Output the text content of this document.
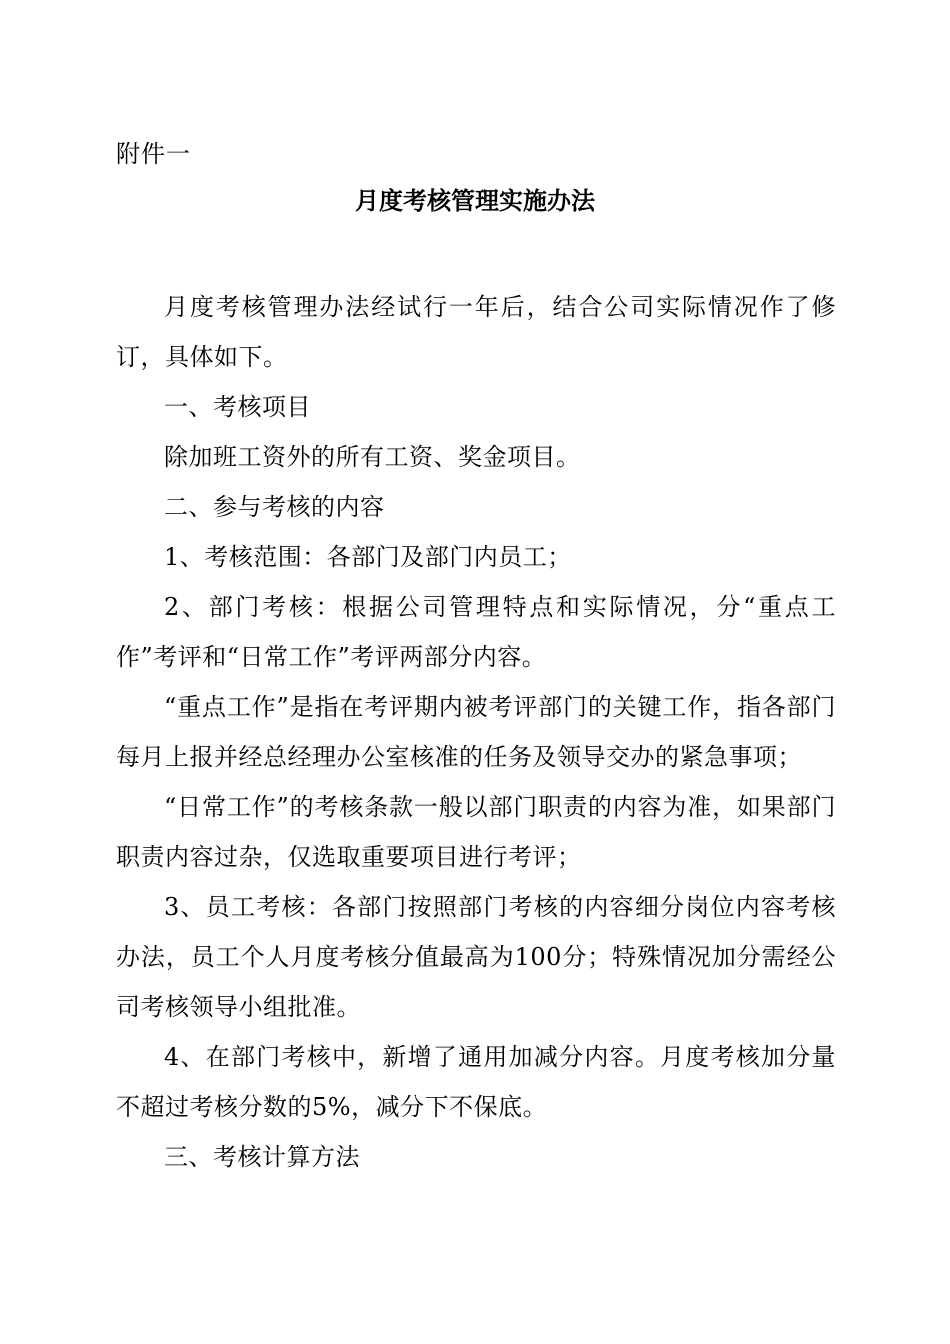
附件一
月度考核管理实施办法

月度考核管理办法经试行一年后，结合公司实际情况作了修订，具体如下。

一、考核项目

除加班工资外的所有工资、奖金项目。

二、参与考核的内容

1、考核范围：各部门及部门内员工；

2、部门考核：根据公司管理特点和实际情况，分“重点工作”考评和“日常工作”考评两部分内容。

“重点工作”是指在考评期内被考评部门的关键工作，指各部门每月上报并经总经理办公室核准的任务及领导交办的紧急事项；

“日常工作”的考核条款一般以部门职责的内容为准，如果部门职责内容过杂，仅选取重要项目进行考评；

3、员工考核：各部门按照部门考核的内容细分岗位内容考核办法，员工个人月度考核分值最高为100分；特殊情况加分需经公司考核领导小组批准。

4、在部门考核中，新增了通用加减分内容。月度考核加分量不超过考核分数的5%，减分下不保底。

三、考核计算方法
